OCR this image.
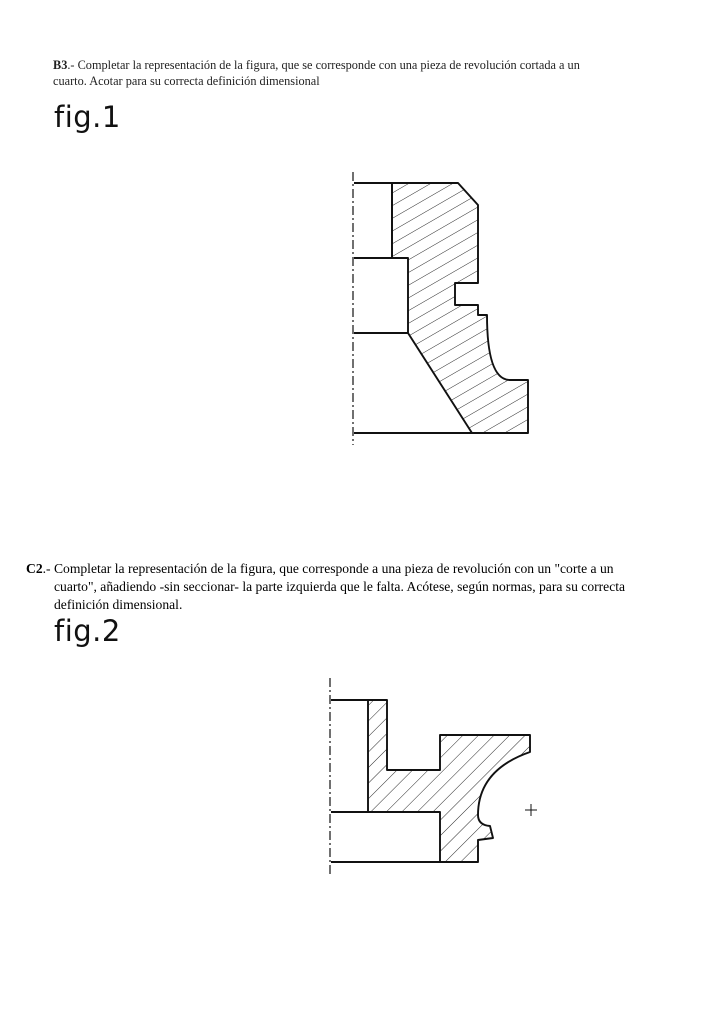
B3.- Completar la representación de la figura, que se corresponde con una pieza de revolución cortada a un
cuarto. Acotar para su correcta definición dimensional

fig.1

C2.- Completar la representación de la figura, que corresponde a una pieza de revolución con un "corte a un
cuarto", añadiendo -sin seccionar- la parte izquierda que le falta. Acótese, según normas, para su correcta
definición dimensional.

fig.2
